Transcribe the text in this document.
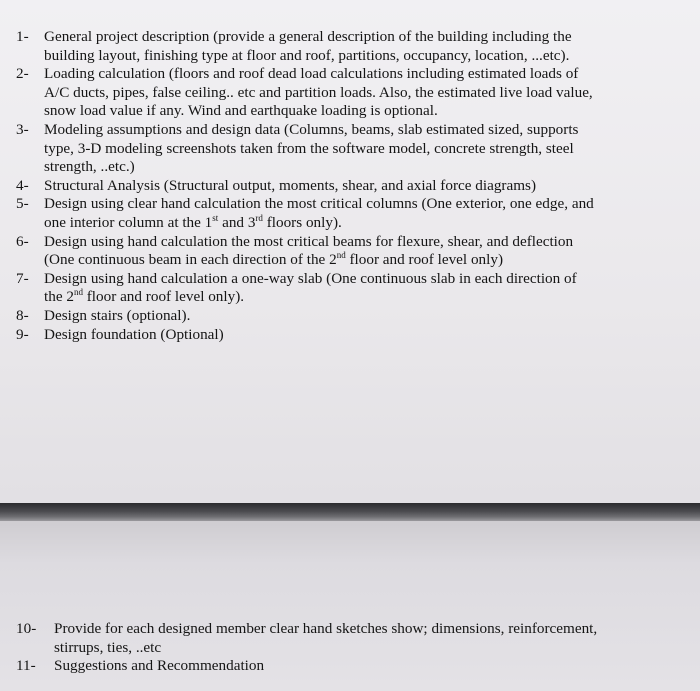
1-	General project description (provide a general description of the building including the
building layout, finishing type at floor and roof, partitions, occupancy, location, ...etc).
2-	Loading calculation (floors and roof dead load calculations including estimated loads of
A/C ducts, pipes, false ceiling.. etc and partition loads. Also, the estimated live load value,
snow load value if any. Wind and earthquake loading is optional.
3-	Modeling assumptions and design data (Columns, beams, slab estimated sized, supports
type, 3-D modeling screenshots taken from the software model, concrete strength, steel
strength, ..etc.)
4-	Structural Analysis (Structural output, moments, shear, and axial force diagrams)
5-	Design using clear hand calculation the most critical columns (One exterior, one edge, and
one interior column at the 1st and 3rd floors only).
6-	Design using hand calculation the most critical beams for flexure, shear, and deflection
(One continuous beam in each direction of the 2nd floor and roof level only)
7-	Design using hand calculation a one-way slab (One continuous slab in each direction of
the 2nd floor and roof level only).
8-	Design stairs (optional).
9-	Design foundation (Optional)
10-	Provide for each designed member clear hand sketches show; dimensions, reinforcement,
stirrups, ties, ..etc
11-	Suggestions and Recommendation
